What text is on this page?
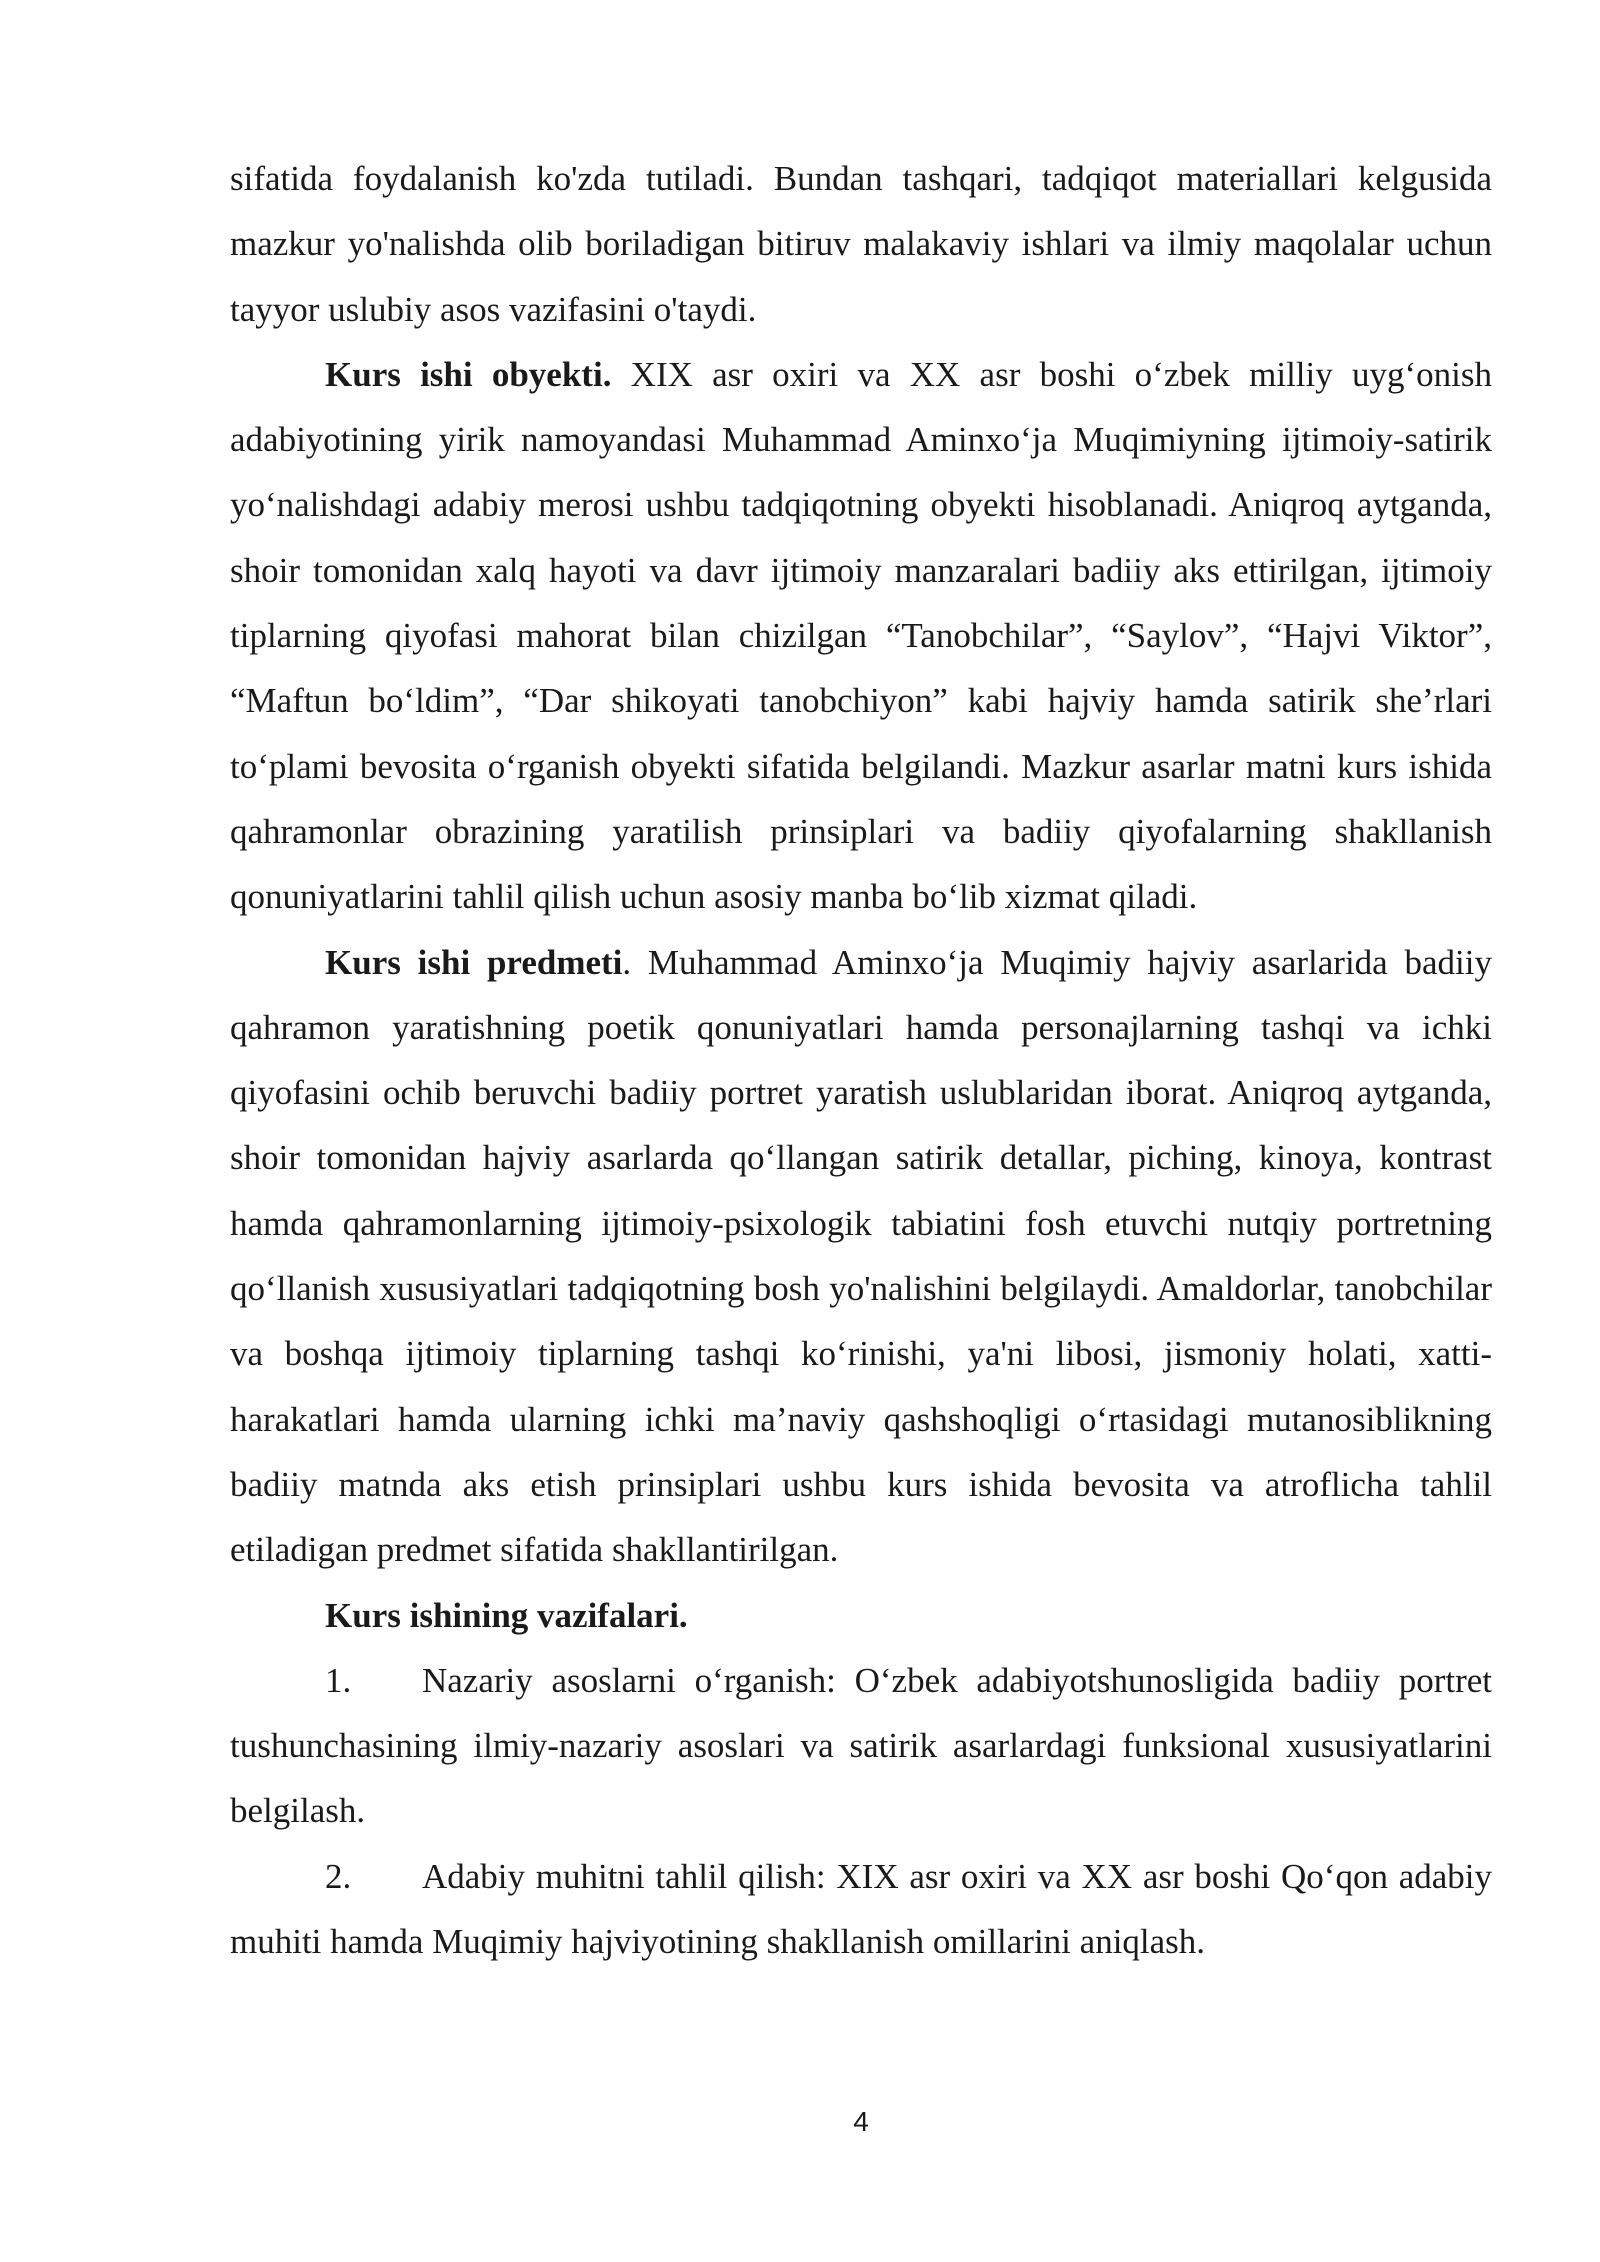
sifatida foydalanish ko'zda tutiladi. Bundan tashqari, tadqiqot materiallari kelgusida mazkur yo'nalishda olib boriladigan bitiruv malakaviy ishlari va ilmiy maqolalar uchun tayyor uslubiy asos vazifasini o'taydi.

Kurs ishi obyekti. XIX asr oxiri va XX asr boshi o‘zbek milliy uyg‘onish adabiyotining yirik namoyandasi Muhammad Aminxo‘ja Muqimiyning ijtimoiy-satirik yo‘nalishdagi adabiy merosi ushbu tadqiqotning obyekti hisoblanadi. Aniqroq aytganda, shoir tomonidan xalq hayoti va davr ijtimoiy manzaralari badiiy aks ettirilgan, ijtimoiy tiplarning qiyofasi mahorat bilan chizilgan “Tanobchilar”, “Saylov”, “Hajvi Viktor”, “Maftun bo‘ldim”, “Dar shikoyati tanobchiyon” kabi hajviy hamda satirik she’rlari to‘plami bevosita o‘rganish obyekti sifatida belgilandi. Mazkur asarlar matni kurs ishida qahramonlar obrazining yaratilish prinsiplari va badiiy qiyofalarning shakllanish qonuniyatlarini tahlil qilish uchun asosiy manba bo‘lib xizmat qiladi.

Kurs ishi predmeti. Muhammad Aminxo‘ja Muqimiy hajviy asarlarida badiiy qahramon yaratishning poetik qonuniyatlari hamda personajlarning tashqi va ichki qiyofasini ochib beruvchi badiiy portret yaratish uslublaridan iborat. Aniqroq aytganda, shoir tomonidan hajviy asarlarda qo‘llangan satirik detallar, piching, kinoya, kontrast hamda qahramonlarning ijtimoiy-psixologik tabiatini fosh etuvchi nutqiy portretning qo‘llanish xususiyatlari tadqiqotning bosh yo'nalishini belgilaydi. Amaldorlar, tanobchilar va boshqa ijtimoiy tiplarning tashqi ko‘rinishi, ya'ni libosi, jismoniy holati, xatti-harakatlari hamda ularning ichki ma’naviy qashshoqligi o‘rtasidagi mutanosiblikning badiiy matnda aks etish prinsiplari ushbu kurs ishida bevosita va atroflicha tahlil etiladigan predmet sifatida shakllantirilgan.

Kurs ishining vazifalari.

1. Nazariy asoslarni o‘rganish: O‘zbek adabiyotshunosligida badiiy portret tushunchasining ilmiy-nazariy asoslari va satirik asarlardagi funksional xususiyatlarini belgilash.

2. Adabiy muhitni tahlil qilish: XIX asr oxiri va XX asr boshi Qo‘qon adabiy muhiti hamda Muqimiy hajviyotining shakllanish omillarini aniqlash.

4
